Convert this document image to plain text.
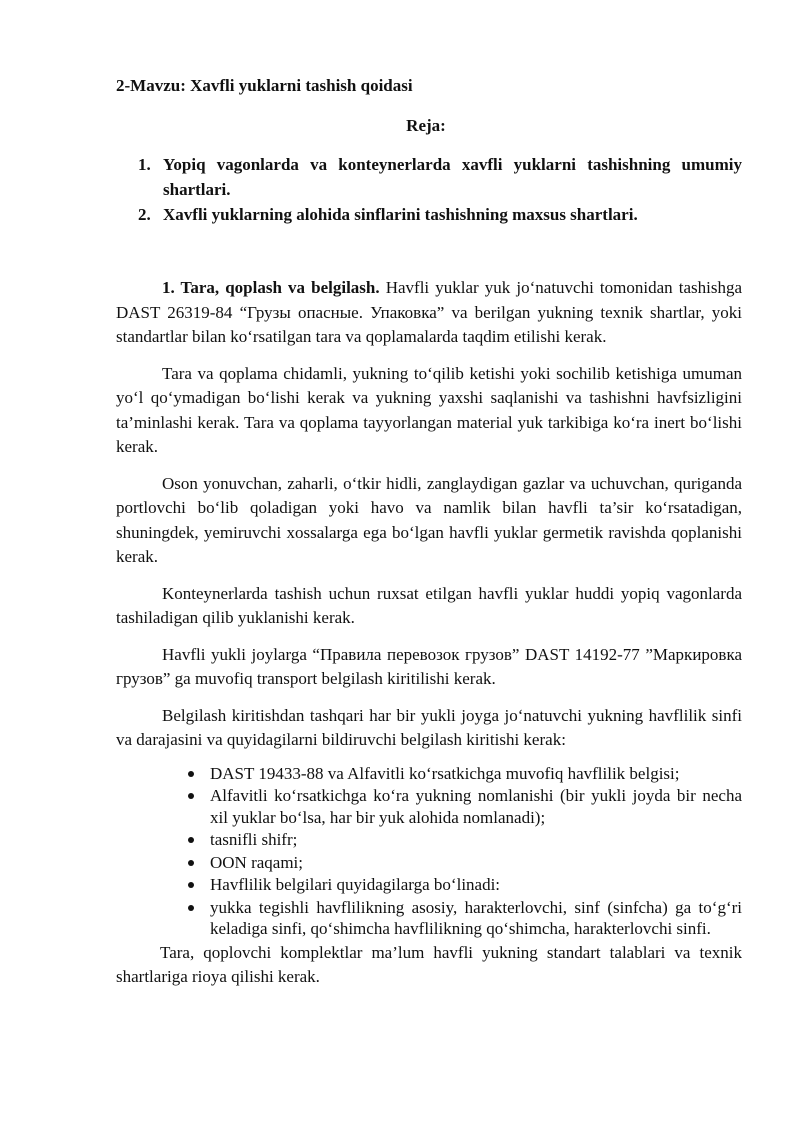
2-Mavzu: Xavfli yuklarni tashish qoidasi
Reja:
1. Yopiq vagonlarda va konteynerlarda xavfli yuklarni tashishning umumiy shartlari.
2. Xavfli yuklarning alohida sinflarini tashishning maxsus shartlari.

1. Tara, qoplash va belgilash. Havfli yuklar yuk jo‘natuvchi tomonidan tashishga DAST 26319-84 “Грузы опасные. Упаковка” va berilgan yukning texnik shartlar, yoki standartlar bilan ko‘rsatilgan tara va qoplamalarda taqdim etilishi kerak.

Tara va qoplama chidamli, yukning to‘qilib ketishi yoki sochilib ketishiga umuman yo‘l qo‘ymadigan bo‘lishi kerak va yukning yaxshi saqlanishi va tashishni havfsizligini ta’minlashi kerak. Tara va qoplama tayyorlangan material yuk tarkibiga ko‘ra inert bo‘lishi kerak.

Oson yonuvchan, zaharli, o‘tkir hidli, zanglaydigan gazlar va uchuvchan, quriganda portlovchi bo‘lib qoladigan yoki havo va namlik bilan havfli ta’sir ko‘rsatadigan, shuningdek, yemiruvchi xossalarga ega bo‘lgan havfli yuklar germetik ravishda qoplanishi kerak.

Konteynerlarda tashish uchun ruxsat etilgan havfli yuklar huddi yopiq vagonlarda tashiladigan qilib yuklanishi kerak.

Havfli yukli joylarga “Правила перевозок грузов” DAST 14192-77 ”Маркировка грузов” ga muvofiq transport belgilash kiritilishi kerak.

Belgilash kiritishdan tashqari har bir yukli joyga jo‘natuvchi yukning havflilik sinfi va darajasini va quyidagilarni bildiruvchi belgilash kiritishi kerak:

DAST 19433-88 va Alfavitli ko‘rsatkichga muvofiq havflilik belgisi;
Alfavitli ko‘rsatkichga ko‘ra yukning nomlanishi (bir yukli joyda bir necha xil yuklar bo‘lsa, har bir yuk alohida nomlanadi);
tasnifli shifr;
OON raqami;
Havflilik belgilari quyidagilarga bo‘linadi:
yukka tegishli havflilikning asosiy, harakterlovchi, sinf (sinfcha) ga to‘g‘ri keladiga sinfi, qo‘shimcha havflilikning qo‘shimcha, harakterlovchi sinfi.

Tara, qoplovchi komplektlar ma’lum havfli yukning standart talablari va texnik shartlariga rioya qilishi kerak.
